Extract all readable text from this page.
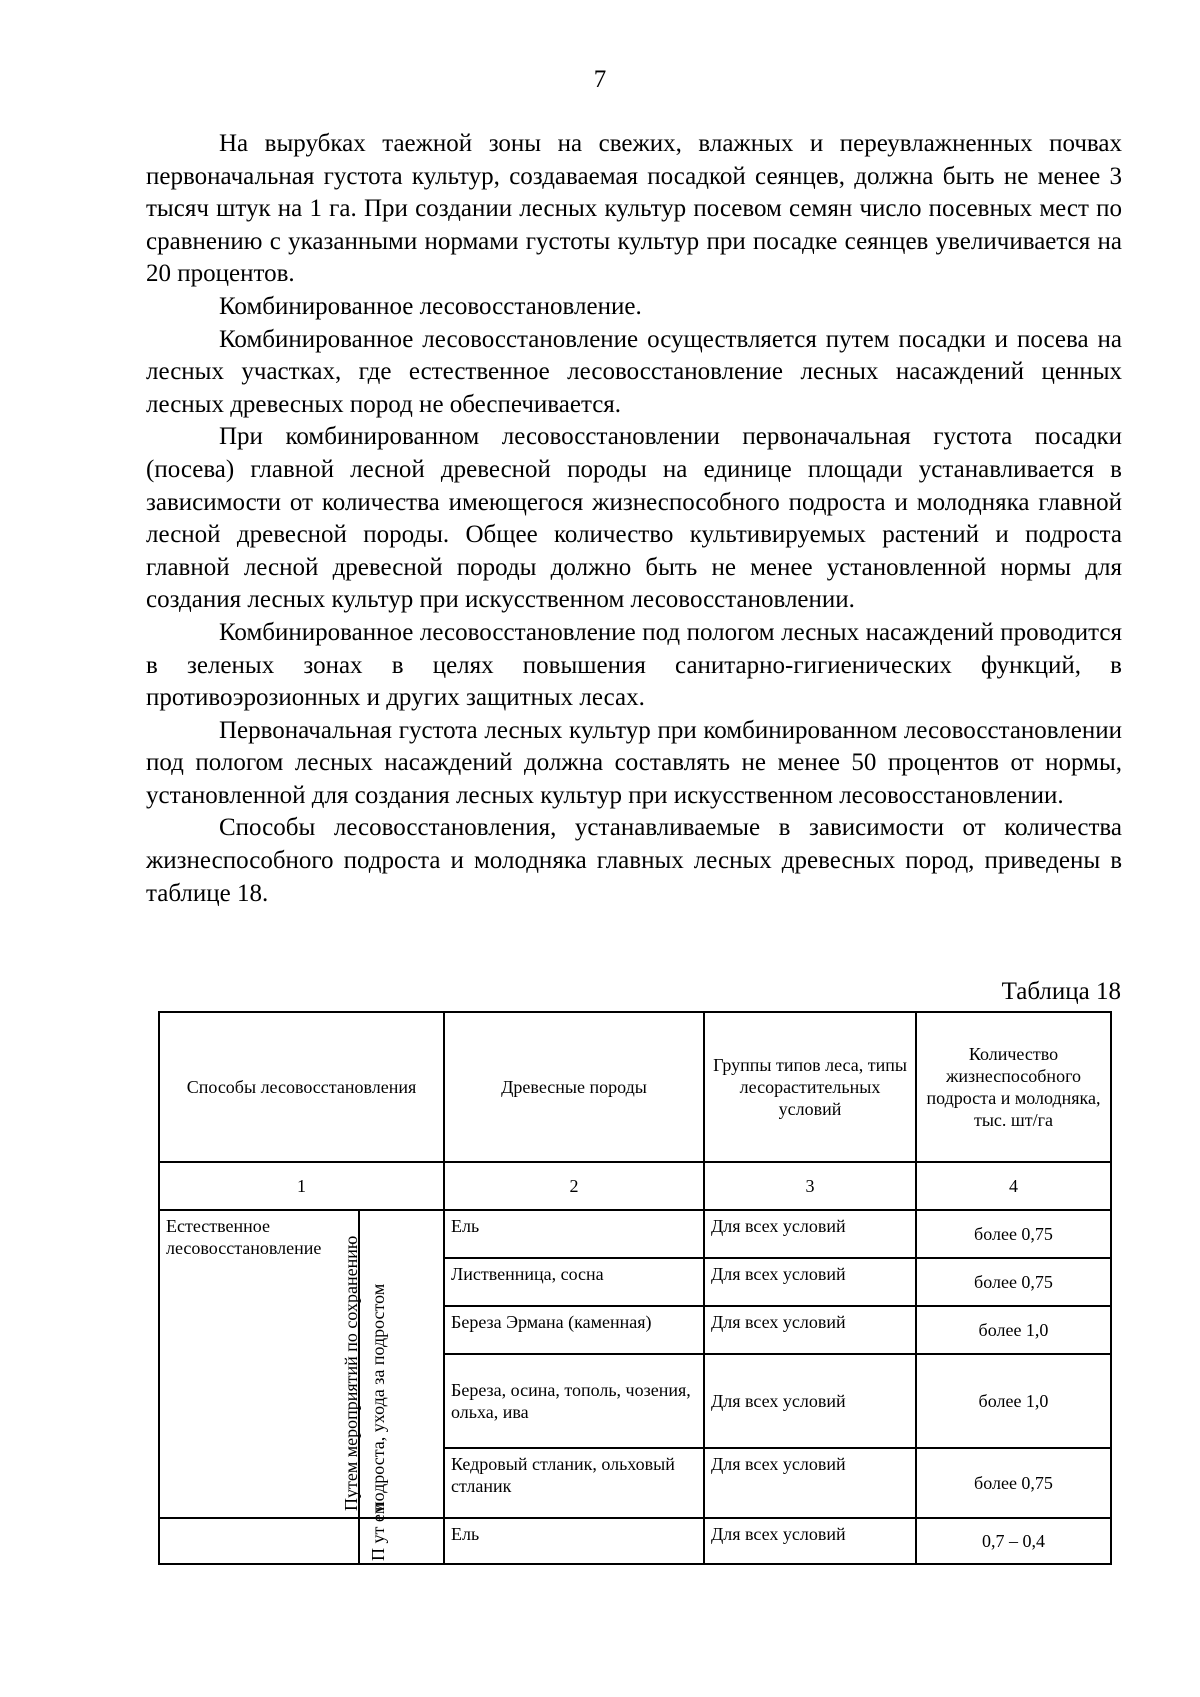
7

На вырубках таежной зоны на свежих, влажных и переувлажненных почвах первоначальная густота культур, создаваемая посадкой сеянцев, должна быть не менее 3 тысяч штук на 1 га. При создании лесных культур посевом семян число посевных мест по сравнению с указанными нормами густоты культур при посадке сеянцев увеличивается на 20 процентов.

Комбинированное лесовосстановление.

Комбинированное лесовосстановление осуществляется путем посадки и посева на лесных участках, где естественное лесовосстановление лесных насаждений ценных лесных древесных пород не обеспечивается.

При комбинированном лесовосстановлении первоначальная густота посадки (посева) главной лесной древесной породы на единице площади устанавливается в зависимости от количества имеющегося жизнеспособного подроста и молодняка главной лесной древесной породы. Общее количество культивируемых растений и подроста главной лесной древесной породы должно быть не менее установленной нормы для создания лесных культур при искусственном лесовосстановлении.

Комбинированное лесовосстановление под пологом лесных насаждений проводится в зеленых зонах в целях повышения санитарно-гигиенических функций, в противоэрозионных и других защитных лесах.

Первоначальная густота лесных культур при комбинированном лесовосстановлении под пологом лесных насаждений должна составлять не менее 50 процентов от нормы, установленной для создания лесных культур при искусственном лесовосстановлении.

Способы лесовосстановления, устанавливаемые в зависимости от количества жизнеспособного подроста и молодняка главных лесных древесных пород, приведены в таблице 18.

Таблица 18
Способы лесовосстановления		Древесные породы	Группы типов леса, типы лесорастительных условий	Количество жизнеспособного подроста и молодняка, тыс. шт/га
1		2	3	4
Естественное лесовосстановление	Путем мероприятий по сохранению подроста, ухода за подростом	Ель	Для всех условий	более 0,75
		Лиственница, сосна	Для всех условий	более 0,75
		Береза Эрмана (каменная)	Для всех условий	более 1,0
		Береза, осина, тополь, чозения, ольха, ива	Для всех условий	более 1,0
		Кедровый стланик, ольховый стланик	Для всех условий	более 0,75

	П ут ем	Ель	Для всех условий	0,7 – 0,4
